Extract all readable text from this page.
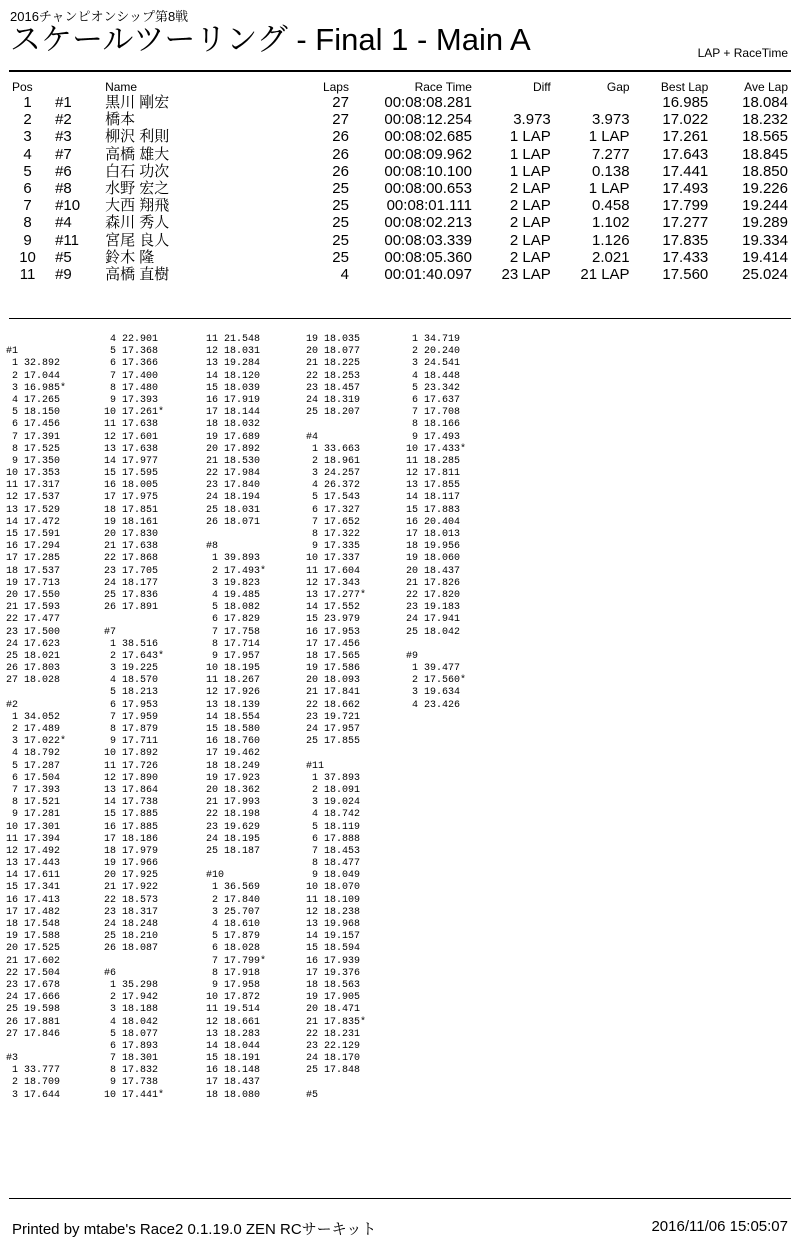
2016チャンピオンシップ第8戦
スケールツーリング - Final 1 - Main A	LAP + RaceTime
Pos		Name	Laps	Race Time	Diff	Gap	Best Lap	Ave Lap
1	#1	黒川 剛宏	27	00:08:08.281			16.985	18.084
2	#2	橋本	27	00:08:12.254	3.973	3.973	17.022	18.232
3	#3	柳沢 利則	26	00:08:02.685	1 LAP	1 LAP	17.261	18.565
4	#7	高橋 雄大	26	00:08:09.962	1 LAP	7.277	17.643	18.845
5	#6	白石 功次	26	00:08:10.100	1 LAP	0.138	17.441	18.850
6	#8	水野 宏之	25	00:08:00.653	2 LAP	1 LAP	17.493	19.226
7	#10	大西 翔飛	25	00:08:01.111	2 LAP	0.458	17.799	19.244
8	#4	森川 秀人	25	00:08:02.213	2 LAP	1.102	17.277	19.289
9	#11	宮尾 良人	25	00:08:03.339	2 LAP	1.126	17.835	19.334
10	#5	鈴木 隆	25	00:08:05.360	2 LAP	2.021	17.433	19.414
11	#9	高橋 直樹	4	00:01:40.097	23 LAP	21 LAP	17.560	25.024
#1
1 32.892
2 17.044
3 16.985*
4 17.265
5 18.150
6 17.456
7 17.391
8 17.525
9 17.350
10 17.353
11 17.317
12 17.537
13 17.529
14 17.472
15 17.591
16 17.294
17 17.285
18 17.537
19 17.713
20 17.550
21 17.593
22 17.477
23 17.500
24 17.623
25 18.021
26 17.803
27 18.028
#2
1 34.052
2 17.489
3 17.022*
4 18.792
5 17.287
6 17.504
7 17.393
8 17.521
9 17.281
10 17.301
11 17.394
12 17.492
13 17.443
14 17.611
15 17.341
16 17.413
17 17.482
18 17.548
19 17.588
20 17.525
21 17.602
22 17.504
23 17.678
24 17.666
25 19.598
26 17.881
27 17.846
#3
1 33.777
2 18.709
3 17.644
4 22.901
5 17.368
6 17.366
7 17.400
8 17.480
9 17.393
10 17.261*
11 17.638
12 17.601
13 17.638
14 17.977
15 17.595
16 18.005
17 17.975
18 17.851
19 18.161
20 17.830
21 17.638
22 17.868
23 17.705
24 18.177
25 17.836
26 17.891
#7
1 38.516
2 17.643*
3 19.225
4 18.570
5 18.213
6 17.953
7 17.959
8 17.879
9 17.711
10 17.892
11 17.726
12 17.890
13 17.864
14 17.738
15 17.885
16 17.885
17 18.186
18 17.979
19 17.966
20 17.925
21 17.922
22 18.573
23 18.317
24 18.248
25 18.210
26 18.087
#6
1 35.298
2 17.942
3 18.188
4 18.042
5 18.077
6 17.893
7 18.301
8 17.832
9 17.738
10 17.441*
11 21.548
12 18.031
13 19.284
14 18.120
15 18.039
16 17.919
17 18.144
18 18.032
19 17.689
20 17.892
21 18.530
22 17.984
23 17.840
24 18.194
25 18.031
26 18.071
#8
1 39.893
2 17.493*
3 19.823
4 19.485
5 18.082
6 17.829
7 17.758
8 17.714
9 17.957
10 18.195
11 18.267
12 17.926
13 18.139
14 18.554
15 18.580
16 18.760
17 19.462
18 18.249
19 17.923
20 18.362
21 17.993
22 18.198
23 19.629
24 18.195
25 18.187
#10
1 36.569
2 17.840
3 25.707
4 18.610
5 17.879
6 18.028
7 17.799*
8 17.918
9 17.958
10 17.872
11 19.514
12 18.661
13 18.283
14 18.044
15 18.191
16 18.148
17 18.437
18 18.080
19 18.035
20 18.077
21 18.225
22 18.253
23 18.457
24 18.319
25 18.207
#4
1 33.663
2 18.961
3 24.257
4 26.372
5 17.543
6 17.327
7 17.652
8 17.322
9 17.335
10 17.337
11 17.604
12 17.343
13 17.277*
14 17.552
15 23.979
16 17.953
17 17.456
18 17.565
19 17.586
20 18.093
21 17.841
22 18.662
23 19.721
24 17.957
25 17.855
#11
1 37.893
2 18.091
3 19.024
4 18.742
5 18.119
6 17.888
7 18.453
8 18.477
9 18.049
10 18.070
11 18.109
12 18.238
13 19.968
14 19.157
15 18.594
16 17.939
17 19.376
18 18.563
19 17.905
20 18.471
21 17.835*
22 18.231
23 22.129
24 18.170
25 17.848
#5
1 34.719
2 20.240
3 24.541
4 18.448
5 23.342
6 17.637
7 17.708
8 18.166
9 17.493
10 17.433*
11 18.285
12 17.811
13 17.855
14 18.117
15 17.883
16 20.404
17 18.013
18 19.956
19 18.060
20 18.437
21 17.826
22 17.820
23 19.183
24 17.941
25 18.042
#9
1 39.477
2 17.560*
3 19.634
4 23.426
Printed by mtabe's Race2 0.1.19.0 ZEN RCサーキット	2016/11/06 15:05:07
